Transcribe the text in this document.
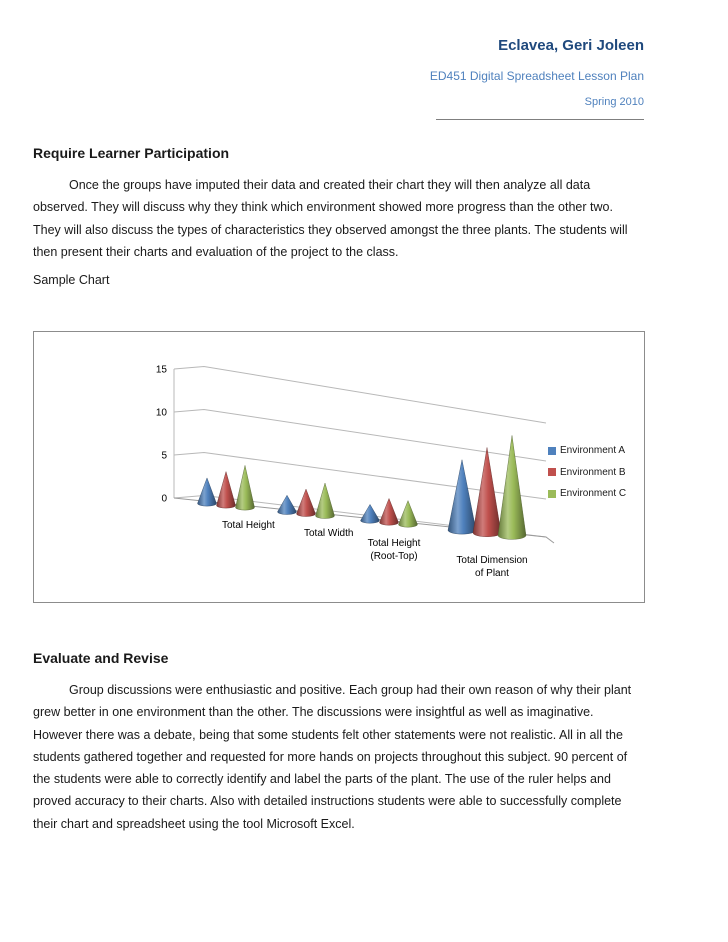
Eclavea, Geri Joleen
ED451 Digital Spreadsheet Lesson Plan
Spring 2010
Require Learner Participation

Once the groups have imputed their data and created their chart they will then analyze all data observed. They will discuss why they think which environment showed more progress than the other two. They will also discuss the types of characteristics they observed amongst the three plants. The students will then present their charts and evaluation of the project to the class.

Sample Chart

0
5
10
15
Total Height
Total Width
Total Height (Root-Top)	Total Dimension of Plant
Environment A
Environment B
Environment C
Evaluate and Revise

Group discussions were enthusiastic and positive. Each group had their own reason of why their plant grew better in one environment than the other. The discussions were insightful as well as imaginative. However there was a debate, being that some students felt other statements were not realistic. All in all the students gathered together and requested for more hands on projects throughout this subject. 90 percent of the students were able to correctly identify and label the parts of the plant. The use of the ruler helps and proved accuracy to their charts. Also with detailed instructions students were able to successfully complete their chart and spreadsheet using the tool Microsoft Excel.
